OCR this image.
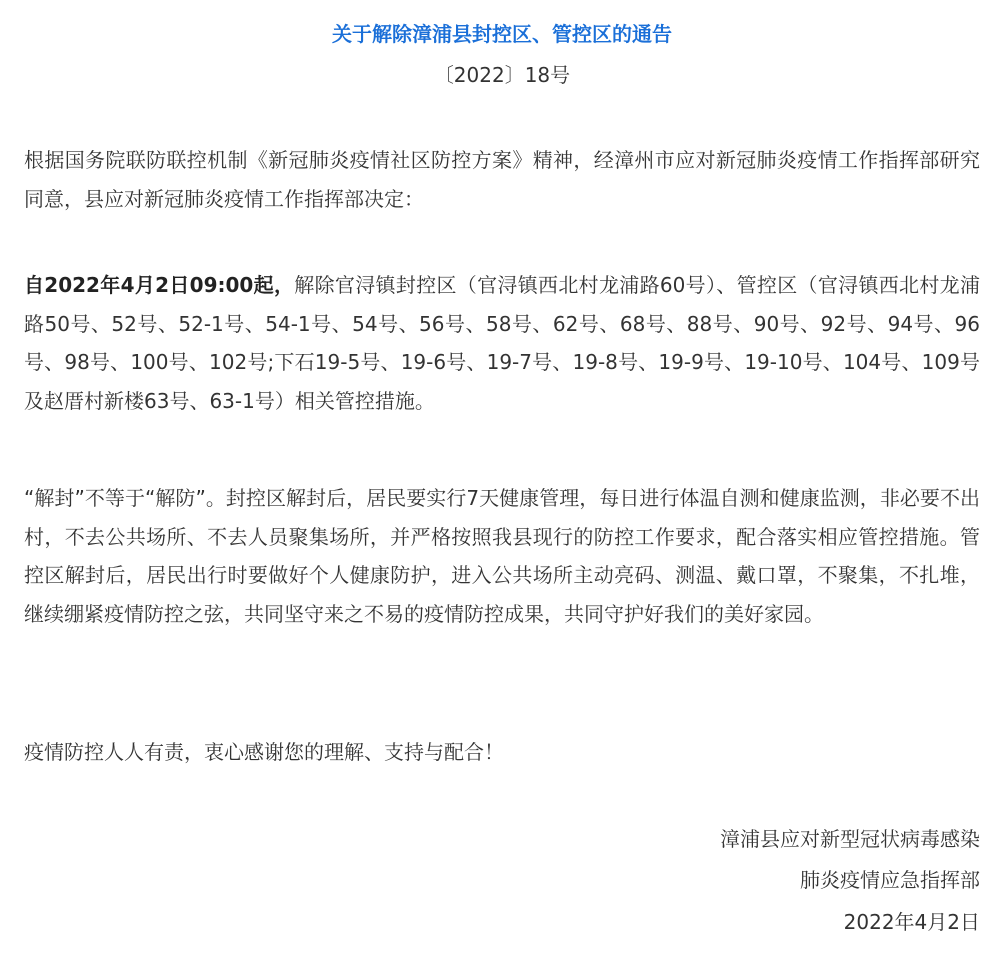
关于解除漳浦县封控区、管控区的通告
〔2022〕18号

根据国务院联防联控机制《新冠肺炎疫情社区防控方案》精神，经漳州市应对新冠肺炎疫情工作指挥部研究同意，县应对新冠肺炎疫情工作指挥部决定：

自2022年4月2日09:00起，解除官浔镇封控区（官浔镇西北村龙浦路60号）、管控区（官浔镇西北村龙浦路50号、52号、52-1号、54-1号、54号、56号、58号、62号、68号、88号、90号、92号、94号、96号、98号、100号、102号;下石19-5号、19-6号、19-7号、19-8号、19-9号、19-10号、104号、109号及赵厝村新楼63号、63-1号）相关管控措施。

“解封”不等于“解防”。封控区解封后，居民要实行7天健康管理，每日进行体温自测和健康监测，非必要不出村，不去公共场所、不去人员聚集场所，并严格按照我县现行的防控工作要求，配合落实相应管控措施。管控区解封后，居民出行时要做好个人健康防护，进入公共场所主动亮码、测温、戴口罩，不聚集，不扎堆，继续绷紧疫情防控之弦，共同坚守来之不易的疫情防控成果，共同守护好我们的美好家园。

疫情防控人人有责，衷心感谢您的理解、支持与配合！

漳浦县应对新型冠状病毒感染
肺炎疫情应急指挥部
2022年4月2日
